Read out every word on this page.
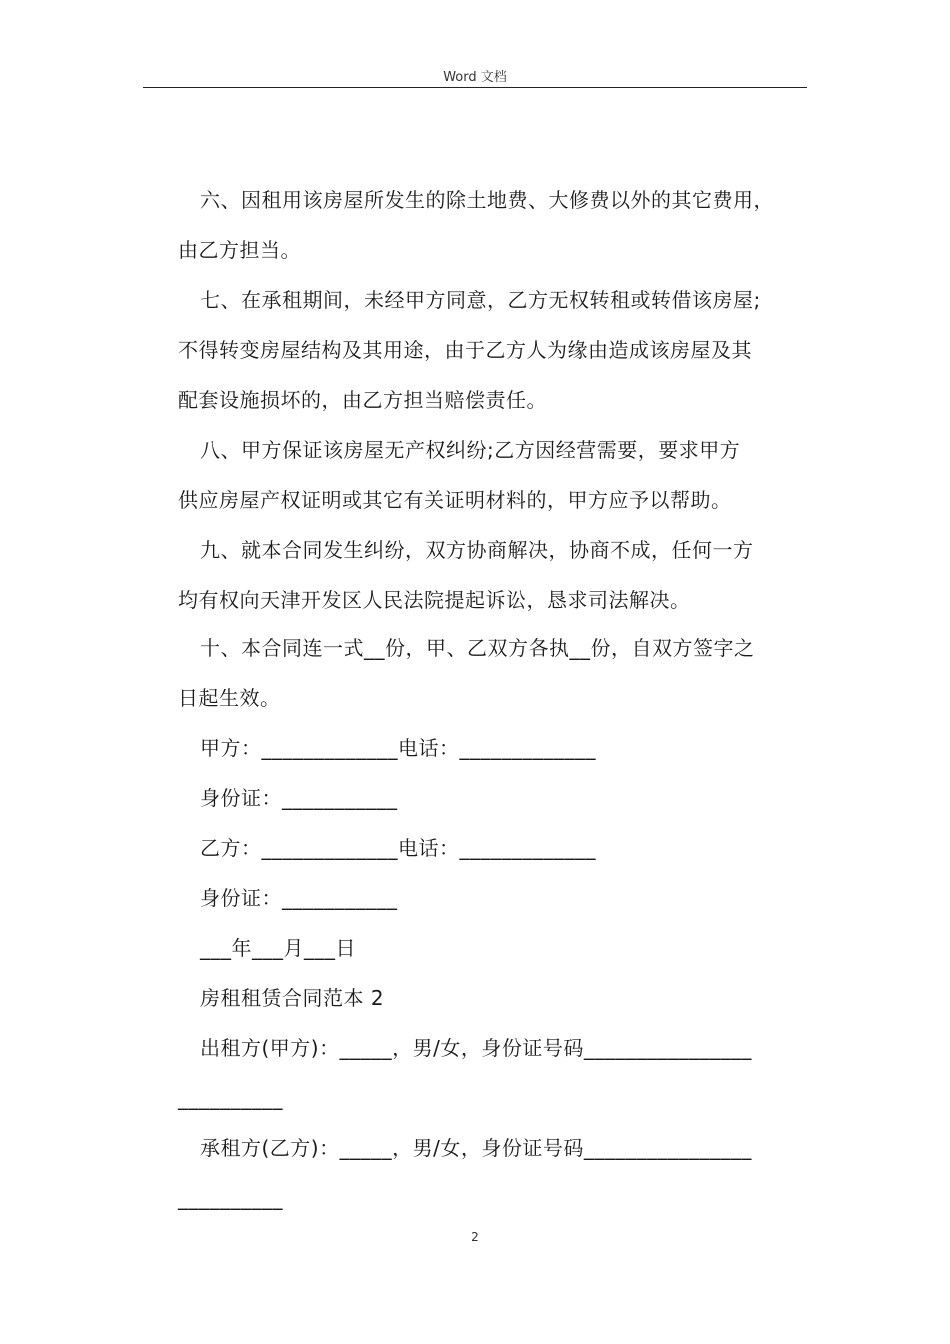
Word 文档
六、因租用该房屋所发生的除土地费、大修费以外的其它费用，
由乙方担当。
七、在承租期间，未经甲方同意，乙方无权转租或转借该房屋;
不得转变房屋结构及其用途，由于乙方人为缘由造成该房屋及其
配套设施损坏的，由乙方担当赔偿责任。
八、甲方保证该房屋无产权纠纷;乙方因经营需要，要求甲方
供应房屋产权证明或其它有关证明材料的，甲方应予以帮助。
九、就本合同发生纠纷，双方协商解决，协商不成，任何一方
均有权向天津开发区人民法院提起诉讼，恳求司法解决。
十、本合同连一式__份，甲、乙双方各执__份，自双方签字之
日起生效。
甲方：_____________电话：_____________
身份证：___________
乙方：_____________电话：_____________
身份证：___________
___年___月___日
房租租赁合同范本 2
出租方(甲方)：_____，男/女，身份证号码________________
__________
承租方(乙方)：_____，男/女，身份证号码________________
__________
2
